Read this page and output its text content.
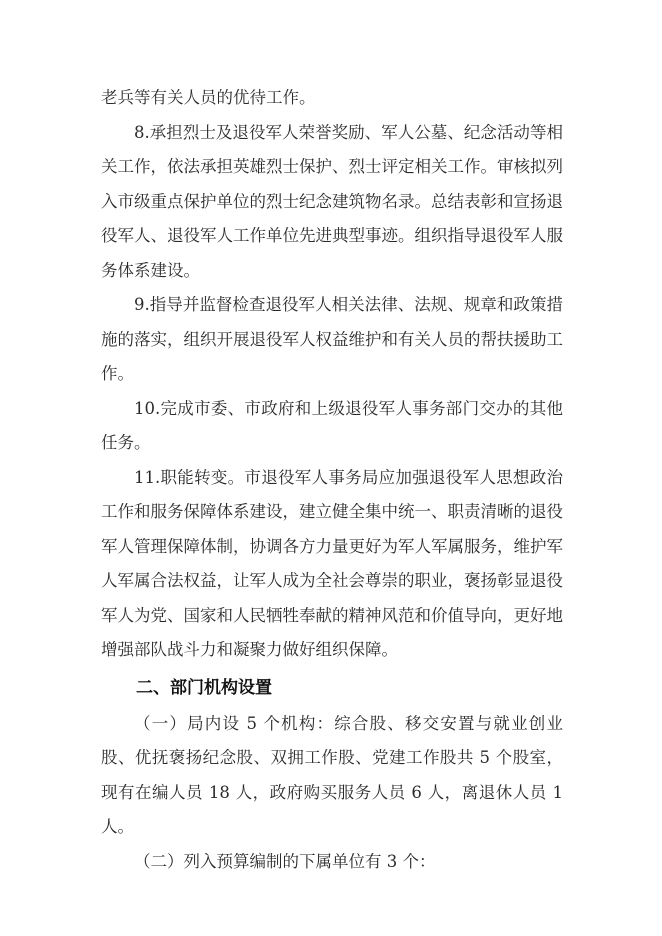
老兵等有关人员的优待工作。

8.承担烈士及退役军人荣誉奖励、军人公墓、纪念活动等相关工作，依法承担英雄烈士保护、烈士评定相关工作。审核拟列入市级重点保护单位的烈士纪念建筑物名录。总结表彰和宣扬退役军人、退役军人工作单位先进典型事迹。组织指导退役军人服务体系建设。

9.指导并监督检查退役军人相关法律、法规、规章和政策措施的落实，组织开展退役军人权益维护和有关人员的帮扶援助工作。

10.完成市委、市政府和上级退役军人事务部门交办的其他任务。

11.职能转变。市退役军人事务局应加强退役军人思想政治工作和服务保障体系建设，建立健全集中统一、职责清晰的退役军人管理保障体制，协调各方力量更好为军人军属服务，维护军人军属合法权益，让军人成为全社会尊崇的职业，褒扬彰显退役军人为党、国家和人民牺牲奉献的精神风范和价值导向，更好地增强部队战斗力和凝聚力做好组织保障。

二、部门机构设置

（一）局内设 5 个机构：综合股、移交安置与就业创业股、优抚褒扬纪念股、双拥工作股、党建工作股共 5 个股室，现有在编人员 18 人，政府购买服务人员 6 人，离退休人员 1 人。

（二）列入预算编制的下属单位有 3 个：
